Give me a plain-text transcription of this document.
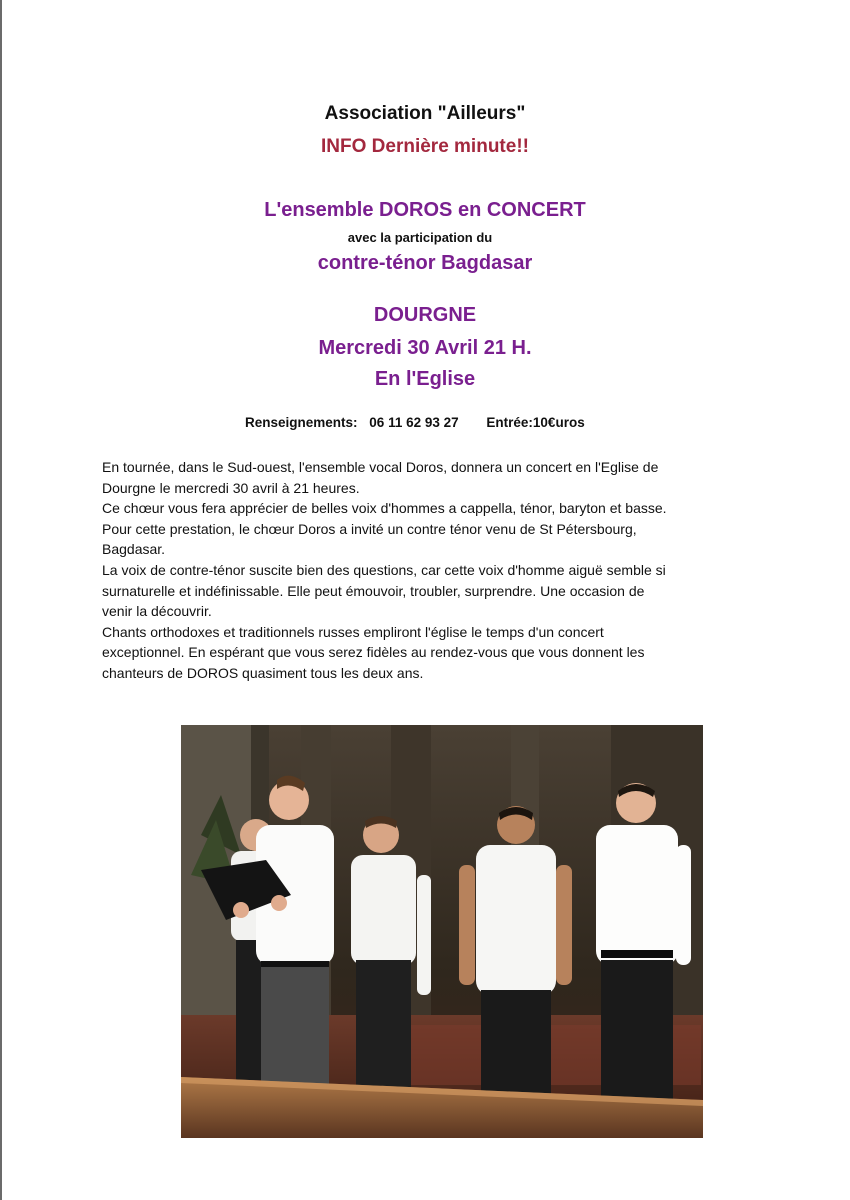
Association "Ailleurs"
INFO Dernière minute!!
L'ensemble DOROS en CONCERT
avec la participation du
contre-ténor Bagdasar
DOURGNE
Mercredi 30 Avril 21 H.
En l'Eglise
Renseignements: 06 11 62 93 27 Entrée:10€uros

En tournée, dans le Sud-ouest, l'ensemble vocal Doros, donnera un concert en l'Eglise de

Dourgne le mercredi 30 avril à 21 heures.

Ce chœur vous fera apprécier de belles voix d'hommes a cappella, ténor, baryton et basse.

Pour cette prestation, le chœur Doros a invité un contre ténor venu de St Pétersbourg,

Bagdasar.

La voix de contre-ténor suscite bien des questions, car cette voix d'homme aiguë semble si

surnaturelle et indéfinissable. Elle peut émouvoir, troubler, surprendre. Une occasion de

venir la découvrir.

Chants orthodoxes et traditionnels russes empliront l'église le temps d'un concert

exceptionnel. En espérant que vous serez fidèles au rendez-vous que vous donnent les

chanteurs de DOROS quasiment tous les deux ans.
